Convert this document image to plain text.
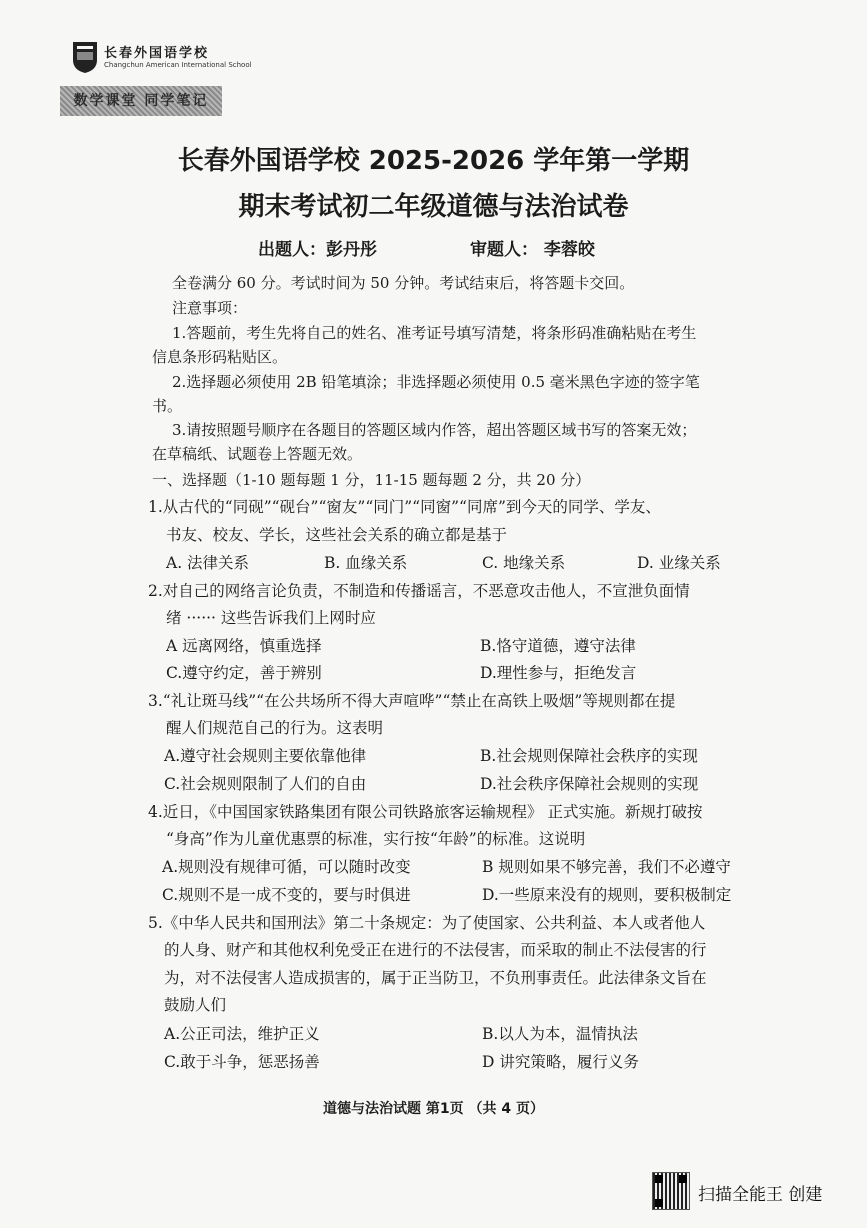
长春外国语学校
Changchun American International School
数学课堂 同学笔记
长春外国语学校 2025-2026 学年第一学期
期末考试初二年级道德与法治试卷
出题人：彭丹彤	审题人： 李蓉皎
全卷满分 60 分。考试时间为 50 分钟。考试结束后，将答题卡交回。
注意事项：
1.答题前，考生先将自己的姓名、准考证号填写清楚，将条形码准确粘贴在考生
信息条形码粘贴区。
2.选择题必须使用 2B 铅笔填涂；非选择题必须使用 0.5 毫米黑色字迹的签字笔
书。
3.请按照题号顺序在各题目的答题区域内作答，超出答题区域书写的答案无效；
在草稿纸、试题卷上答题无效。
一、选择题（1-10 题每题 1 分，11-15 题每题 2 分，共 20 分）
1.从古代的“同砚”“砚台”“窗友”“同门”“同窗”“同席”到今天的同学、学友、
书友、校友、学长，这些社会关系的确立都是基于
A. 法律关系	B. 血缘关系	C. 地缘关系	D. 业缘关系
2.对自己的网络言论负责，不制造和传播谣言，不恶意攻击他人，不宣泄负面情
绪 ······ 这些告诉我们上网时应
A 远离网络，慎重选择	B.恪守道德，遵守法律
C.遵守约定，善于辨别	D.理性参与，拒绝发言
3.“礼让斑马线”“在公共场所不得大声喧哗”“禁止在高铁上吸烟”等规则都在提
醒人们规范自己的行为。这表明
A.遵守社会规则主要依靠他律	B.社会规则保障社会秩序的实现
C.社会规则限制了人们的自由	D.社会秩序保障社会规则的实现
4.近日，《中国国家铁路集团有限公司铁路旅客运输规程》 正式实施。新规打破按
“身高”作为儿童优惠票的标准，实行按“年龄”的标准。这说明
A.规则没有规律可循，可以随时改变	B 规则如果不够完善，我们不必遵守
C.规则不是一成不变的，要与时俱进	D.一些原来没有的规则，要积极制定
5.《中华人民共和国刑法》第二十条规定：为了使国家、公共利益、本人或者他人
的人身、财产和其他权利免受正在进行的不法侵害，而采取的制止不法侵害的行
为，对不法侵害人造成损害的，属于正当防卫，不负刑事责任。此法律条文旨在
鼓励人们
A.公正司法，维护正义	B.以人为本，温情执法
C.敢于斗争，惩恶扬善	D 讲究策略，履行义务
道德与法治试题 第1页 （共 4 页）
扫描全能王 创建
